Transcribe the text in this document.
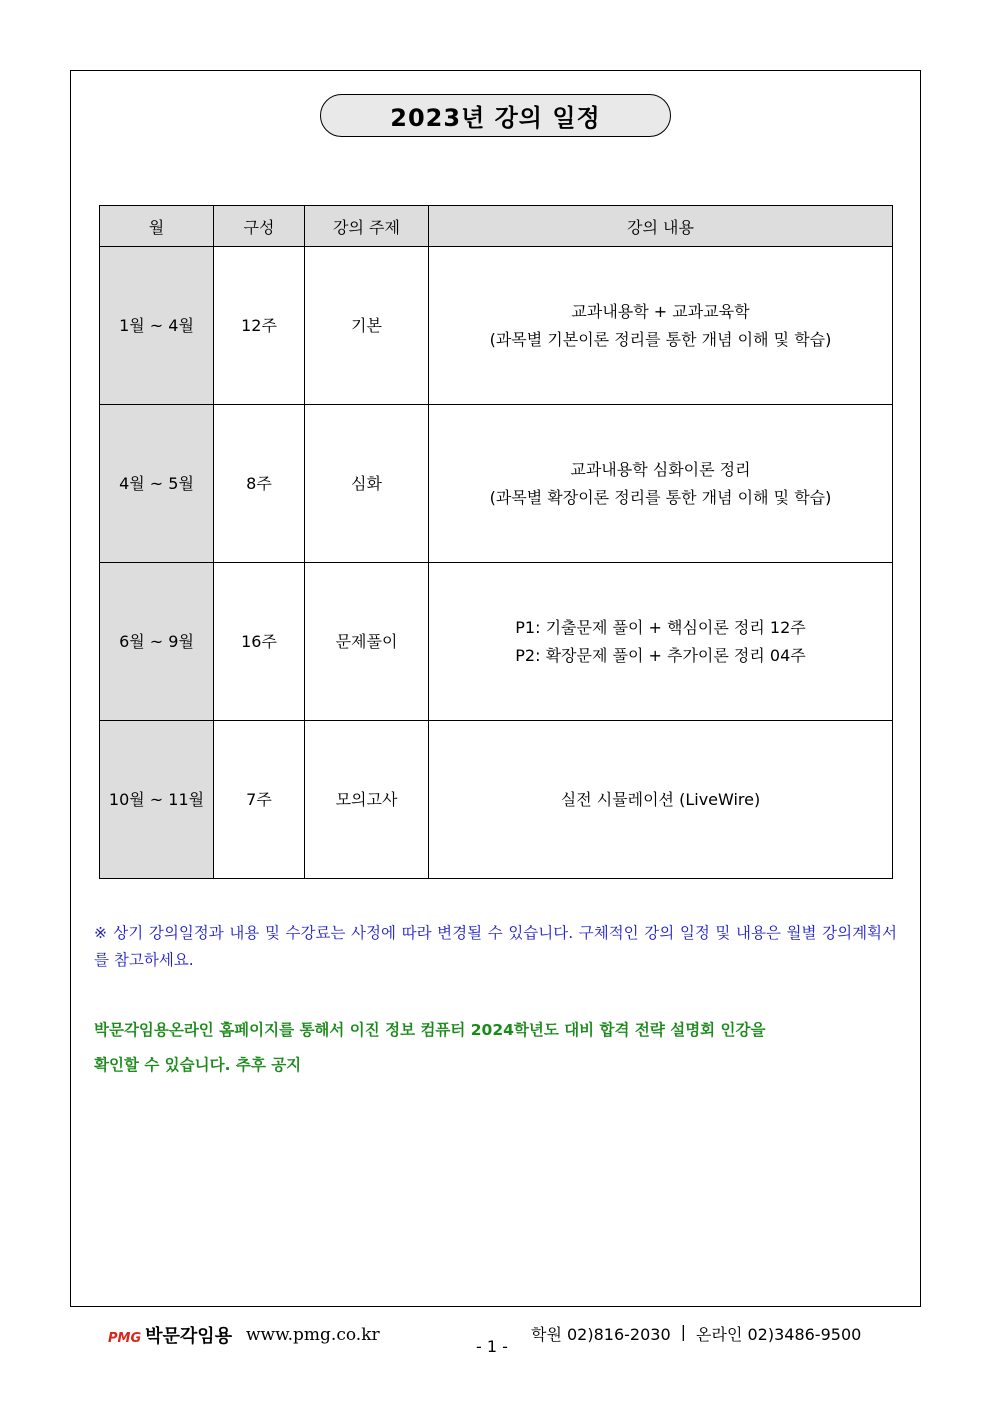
2023년 강의 일정
월	구성	강의 주제	강의 내용
1월 ~ 4월	12주	기본	교과내용학 + 교과교육학
(과목별 기본이론 정리를 통한 개념 이해 및 학습)

4월 ~ 5월	8주	심화	교과내용학 심화이론 정리
(과목별 확장이론 정리를 통한 개념 이해 및 학습)

6월 ~ 9월	16주	문제풀이	P1: 기출문제 풀이 + 핵심이론 정리 12주
P2: 확장문제 풀이 + 추가이론 정리 04주

10월 ~ 11월	7주	모의고사	실전 시뮬레이션 (LiveWire)
※ 상기 강의일정과 내용 및 수강료는 사정에 따라 변경될 수 있습니다. 구체적인 강의 일정 및 내용은 월별 강의계획서를 참고하세요.
박문각임용온라인 홈페이지를 통해서 이진 정보 컴퓨터 2024학년도 대비 합격 전략 설명회 인강을
확인할 수 있습니다. 추후 공지
PMG 박문각임용 www.pmg.co.kr
- 1 -
학원 02)816-2030 | 온라인 02)3486-9500
